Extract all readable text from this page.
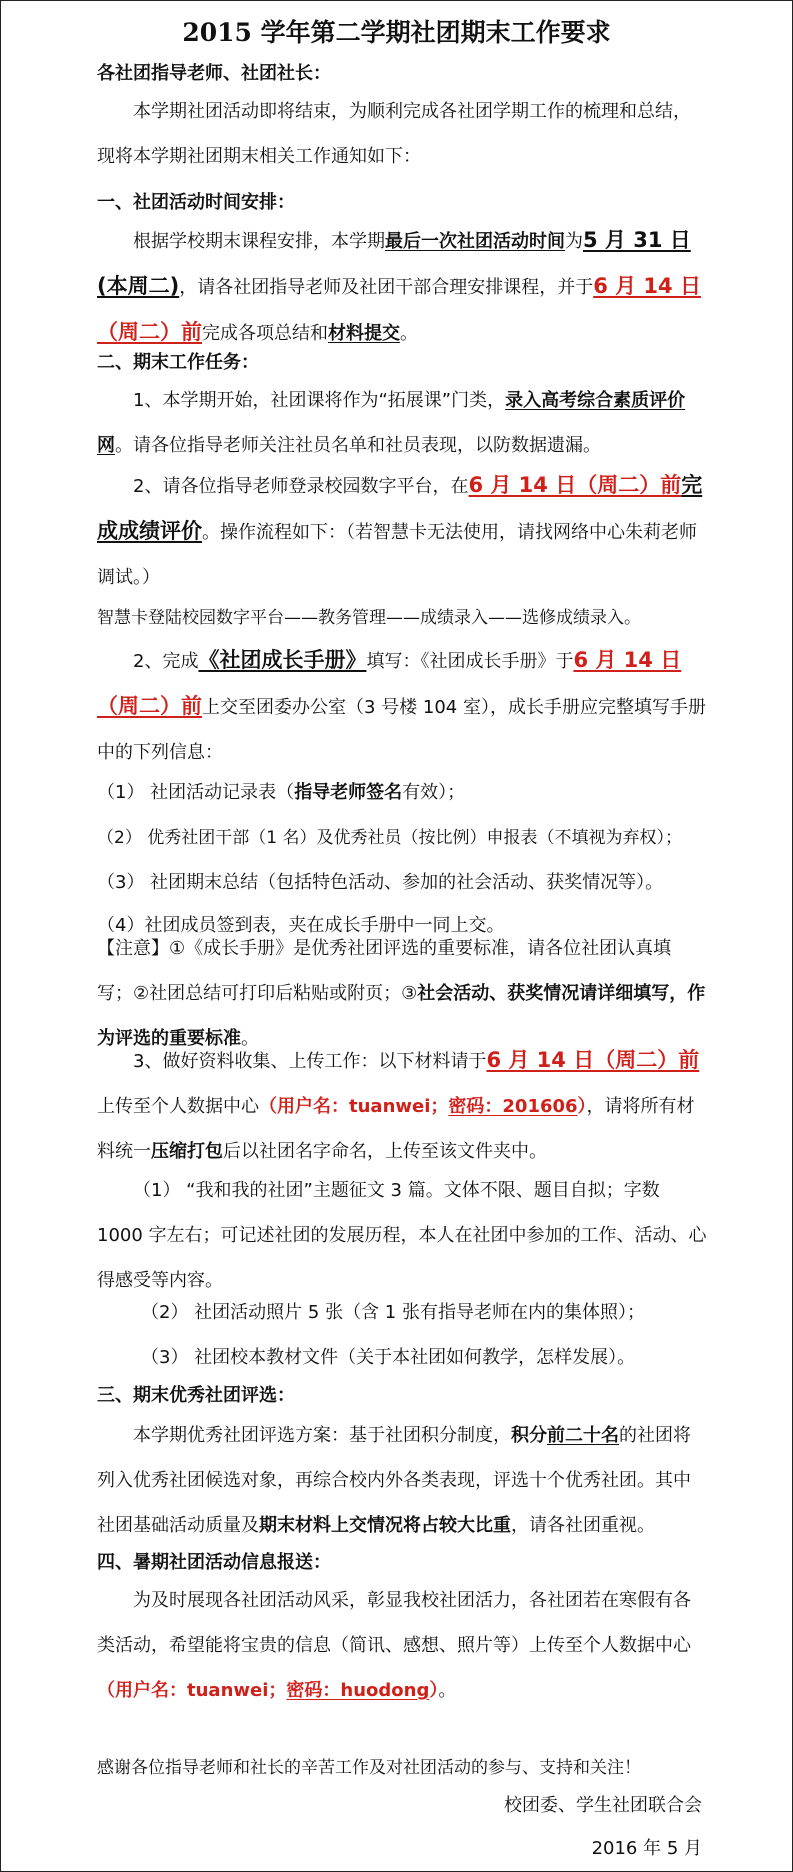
2015 学年第二学期社团期末工作要求
各社团指导老师、社团社长：
本学期社团活动即将结束，为顺利完成各社团学期工作的梳理和总结，现将本学期社团期末相关工作通知如下：
一、社团活动时间安排：
根据学校期末课程安排，本学期最后一次社团活动时间为5 月 31 日(本周二)，请各社团指导老师及社团干部合理安排课程，并于6 月 14 日（周二）前完成各项总结和材料提交。
二、期末工作任务：
1、本学期开始，社团课将作为“拓展课”门类，录入高考综合素质评价网。请各位指导老师关注社员名单和社员表现，以防数据遗漏。
2、请各位指导老师登录校园数字平台，在6 月 14 日（周二）前完成成绩评价。操作流程如下：（若智慧卡无法使用，请找网络中心朱莉老师调试。）
智慧卡登陆校园数字平台——教务管理——成绩录入——选修成绩录入。
2、完成《社团成长手册》填写：《社团成长手册》于6 月 14 日（周二）前上交至团委办公室（3 号楼 104 室），成长手册应完整填写手册中的下列信息：
（1） 社团活动记录表（指导老师签名有效）；
（2） 优秀社团干部（1 名）及优秀社员（按比例）申报表（不填视为弃权）；
（3） 社团期末总结（包括特色活动、参加的社会活动、获奖情况等）。
（4）社团成员签到表，夹在成长手册中一同上交。
【注意】①《成长手册》是优秀社团评选的重要标准，请各位社团认真填写；②社团总结可打印后粘贴或附页；③社会活动、获奖情况请详细填写，作为评选的重要标准。
3、做好资料收集、上传工作：以下材料请于6 月 14 日（周二）前上传至个人数据中心（用户名：tuanwei；密码：201606），请将所有材料统一压缩打包后以社团名字命名，上传至该文件夹中。
（1） “我和我的社团”主题征文 3 篇。文体不限、题目自拟；字数 1000 字左右；可记述社团的发展历程，本人在社团中参加的工作、活动、心得感受等内容。
（2） 社团活动照片 5 张（含 1 张有指导老师在内的集体照）；
（3） 社团校本教材文件（关于本社团如何教学，怎样发展）。
三、期末优秀社团评选：
本学期优秀社团评选方案：基于社团积分制度，积分前二十名的社团将列入优秀社团候选对象，再综合校内外各类表现，评选十个优秀社团。其中社团基础活动质量及期末材料上交情况将占较大比重，请各社团重视。
四、暑期社团活动信息报送：
为及时展现各社团活动风采，彰显我校社团活力，各社团若在寒假有各类活动，希望能将宝贵的信息（简讯、感想、照片等）上传至个人数据中心（用户名：tuanwei；密码：huodong）。
感谢各位指导老师和社长的辛苦工作及对社团活动的参与、支持和关注！
校团委、学生社团联合会
2016 年 5 月
